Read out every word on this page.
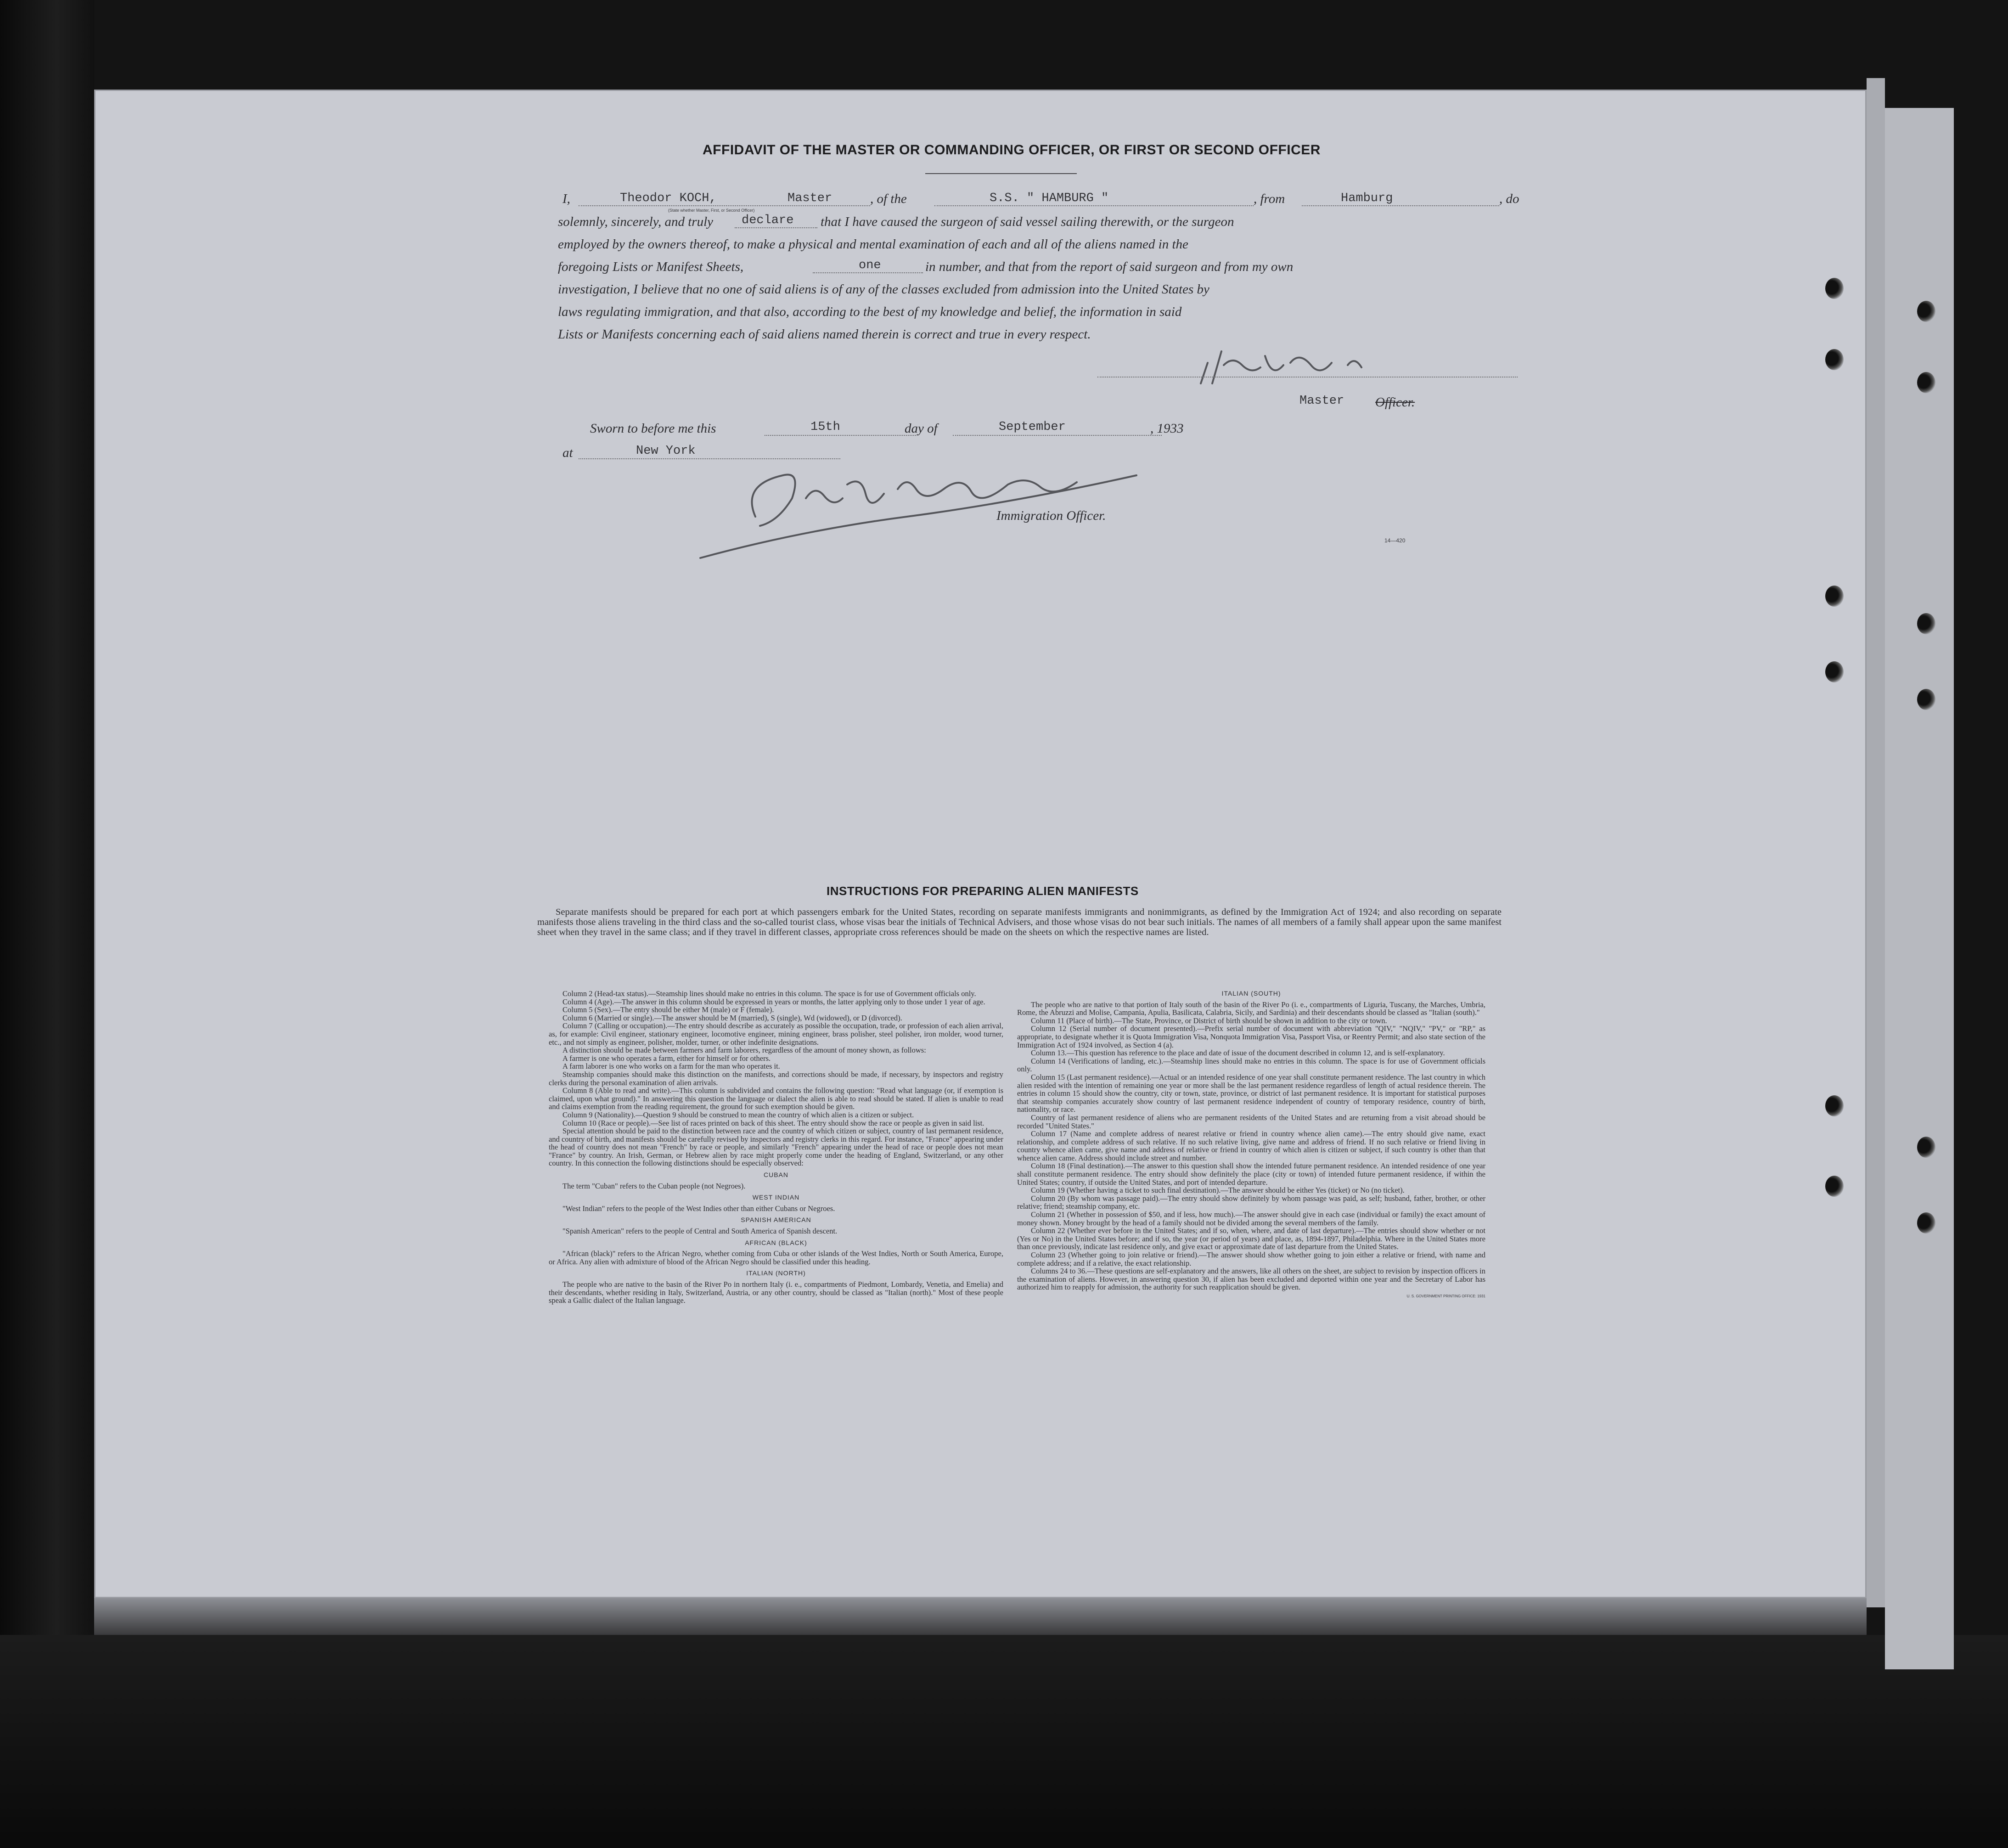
AFFIDAVIT OF THE MASTER OR COMMANDING OFFICER, OR FIRST OR SECOND OFFICER
I,	Theodor KOCH,	Master
(State whether Master, First, or Second Officer)
, of the	S.S. " HAMBURG "	, from	Hamburg	, do
solemnly, sincerely, and truly declare that I have caused the surgeon of said vessel sailing therewith, or the surgeon
employed by the owners thereof, to make a physical and mental examination of each and all of the aliens named in the
foregoing Lists or Manifest Sheets,	one	in number, and that from the report of said surgeon and from my own
investigation, I believe that no one of said aliens is of any of the classes excluded from admission into the United States by
laws regulating immigration, and that also, according to the best of my knowledge and belief, the information in said
Lists or Manifests concerning each of said aliens named therein is correct and true in every respect.
Master Officer.
Sworn to before me this	15th	day of	September	, 1933
at	New York
Immigration Officer.
14—420
INSTRUCTIONS FOR PREPARING ALIEN MANIFESTS
Separate manifests should be prepared for each port at which passengers embark for the United States, recording on separate manifests immigrants and nonimmigrants, as defined by the Immigration Act of 1924; and also recording on separate manifests those aliens traveling in the third class and the so-called tourist class, whose visas bear the initials of Technical Advisers, and those whose visas do not bear such initials. The names of all members of a family shall appear upon the same manifest sheet when they travel in the same class; and if they travel in different classes, appropriate cross references should be made on the sheets on which the respective names are listed.

Column 2 (Head-tax status).—Steamship lines should make no entries in this column. The space is for use of Government officials only.

Column 4 (Age).—The answer in this column should be expressed in years or months, the latter applying only to those under 1 year of age.

Column 5 (Sex).—The entry should be either M (male) or F (female).

Column 6 (Married or single).—The answer should be M (married), S (single), Wd (widowed), or D (divorced).

Column 7 (Calling or occupation).—The entry should describe as accurately as possible the occupation, trade, or profession of each alien arrival, as, for example: Civil engineer, stationary engineer, locomotive engineer, mining engineer, brass polisher, steel polisher, iron molder, wood turner, etc., and not simply as engineer, polisher, molder, turner, or other indefinite designations.

A distinction should be made between farmers and farm laborers, regardless of the amount of money shown, as follows:

A farmer is one who operates a farm, either for himself or for others.

A farm laborer is one who works on a farm for the man who operates it.

Steamship companies should make this distinction on the manifests, and corrections should be made, if necessary, by inspectors and registry clerks during the personal examination of alien arrivals.

Column 8 (Able to read and write).—This column is subdivided and contains the following question: "Read what language (or, if exemption is claimed, upon what ground)." In answering this question the language or dialect the alien is able to read should be stated. If alien is unable to read and claims exemption from the reading requirement, the ground for such exemption should be given.

Column 9 (Nationality).—Question 9 should be construed to mean the country of which alien is a citizen or subject.

Column 10 (Race or people).—See list of races printed on back of this sheet. The entry should show the race or people as given in said list.

Special attention should be paid to the distinction between race and the country of which citizen or subject, country of last permanent residence, and country of birth, and manifests should be carefully revised by inspectors and registry clerks in this regard. For instance, "France" appearing under the head of country does not mean "French" by race or people, and similarly "French" appearing under the head of race or people does not mean "France" by country. An Irish, German, or Hebrew alien by race might properly come under the heading of England, Switzerland, or any other country. In this connection the following distinctions should be especially observed:

CUBAN

The term "Cuban" refers to the Cuban people (not Negroes).

WEST INDIAN

"West Indian" refers to the people of the West Indies other than either Cubans or Negroes.

SPANISH AMERICAN

"Spanish American" refers to the people of Central and South America of Spanish descent.

AFRICAN (BLACK)

"African (black)" refers to the African Negro, whether coming from Cuba or other islands of the West Indies, North or South America, Europe, or Africa. Any alien with admixture of blood of the African Negro should be classified under this heading.

ITALIAN (NORTH)

The people who are native to the basin of the River Po in northern Italy (i. e., compartments of Piedmont, Lombardy, Venetia, and Emelia) and their descendants, whether residing in Italy, Switzerland, Austria, or any other country, should be classed as "Italian (north)." Most of these people speak a Gallic dialect of the Italian language.

ITALIAN (SOUTH)

The people who are native to that portion of Italy south of the basin of the River Po (i. e., compartments of Liguria, Tuscany, the Marches, Umbria, Rome, the Abruzzi and Molise, Campania, Apulia, Basilicata, Calabria, Sicily, and Sardinia) and their descendants should be classed as "Italian (south)."

Column 11 (Place of birth).—The State, Province, or District of birth should be shown in addition to the city or town.

Column 12 (Serial number of document presented).—Prefix serial number of document with abbreviation "QIV," "NQIV," "PV," or "RP," as appropriate, to designate whether it is Quota Immigration Visa, Nonquota Immigration Visa, Passport Visa, or Reentry Permit; and also state section of the Immigration Act of 1924 involved, as Section 4 (a).

Column 13.—This question has reference to the place and date of issue of the document described in column 12, and is self-explanatory.

Column 14 (Verifications of landing, etc.).—Steamship lines should make no entries in this column. The space is for use of Government officials only.

Column 15 (Last permanent residence).—Actual or an intended residence of one year shall constitute permanent residence. The last country in which alien resided with the intention of remaining one year or more shall be the last permanent residence regardless of length of actual residence therein. The entries in column 15 should show the country, city or town, state, province, or district of last permanent residence. It is important for statistical purposes that steamship companies accurately show country of last permanent residence independent of country of temporary residence, country of birth, nationality, or race.

Country of last permanent residence of aliens who are permanent residents of the United States and are returning from a visit abroad should be recorded "United States."

Column 17 (Name and complete address of nearest relative or friend in country whence alien came).—The entry should give name, exact relationship, and complete address of such relative. If no such relative living, give name and address of friend. If no such relative or friend living in country whence alien came, give name and address of relative or friend in country of which alien is citizen or subject, if such country is other than that whence alien came. Address should include street and number.

Column 18 (Final destination).—The answer to this question shall show the intended future permanent residence. An intended residence of one year shall constitute permanent residence. The entry should show definitely the place (city or town) of intended future permanent residence, if within the United States; country, if outside the United States, and port of intended departure.

Column 19 (Whether having a ticket to such final destination).—The answer should be either Yes (ticket) or No (no ticket).

Column 20 (By whom was passage paid).—The entry should show definitely by whom passage was paid, as self; husband, father, brother, or other relative; friend; steamship company, etc.

Column 21 (Whether in possession of $50, and if less, how much).—The answer should give in each case (individual or family) the exact amount of money shown. Money brought by the head of a family should not be divided among the several members of the family.

Column 22 (Whether ever before in the United States; and if so, when, where, and date of last departure).—The entries should show whether or not (Yes or No) in the United States before; and if so, the year (or period of years) and place, as, 1894-1897, Philadelphia. Where in the United States more than once previously, indicate last residence only, and give exact or approximate date of last departure from the United States.

Column 23 (Whether going to join relative or friend).—The answer should show whether going to join either a relative or friend, with name and complete address; and if a relative, the exact relationship.

Columns 24 to 36.—These questions are self-explanatory and the answers, like all others on the sheet, are subject to revision by inspection officers in the examination of aliens. However, in answering question 30, if alien has been excluded and deported within one year and the Secretary of Labor has authorized him to reapply for admission, the authority for such reapplication should be given.

U. S. GOVERNMENT PRINTING OFFICE: 1931
